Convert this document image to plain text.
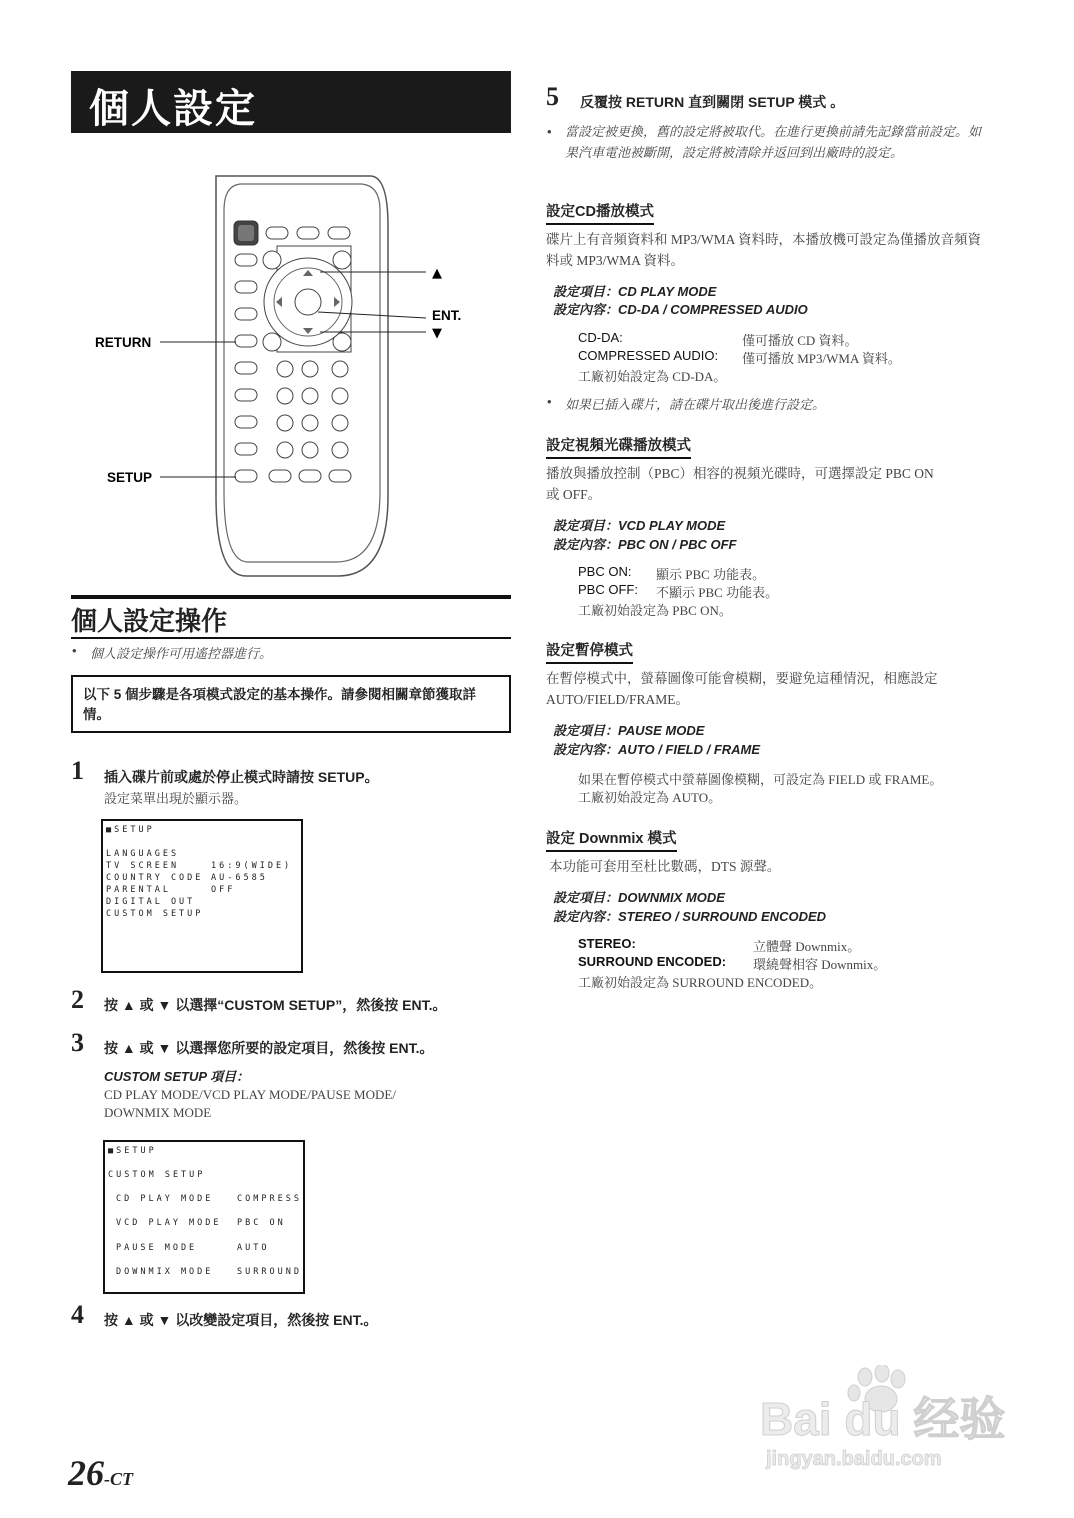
個人設定
RETURN
SETUP
▲
ENT.
▼
個人設定操作
• 個人設定操作可用遙控器進行。
以下 5 個步驟是各項模式設定的基本操作。請參閱相關章節獲取詳情。
1 插入碟片前或處於停止模式時請按 SETUP。
設定菜單出現於顯示器。
■SETUP
LANGUAGES
TV SCREEN	16:9(WIDE)
COUNTRY CODE AU-6585
PARENTAL	OFF
DIGITAL OUT
CUSTOM SETUP
2 按 ▲ 或 ▼ 以選擇“CUSTOM SETUP”，然後按 ENT.。
3 按 ▲ 或 ▼ 以選擇您所要的設定項目，然後按 ENT.。
CUSTOM SETUP 項目：
CD PLAY MODE/VCD PLAY MODE/PAUSE MODE/ DOWNMIX MODE
■SETUP
CUSTOM SETUP
CD PLAY MODE	COMPRESS
VCD PLAY MODE PBC ON
PAUSE MODE	AUTO
DOWNMIX MODE	SURROUND
4 按 ▲ 或 ▼ 以改變設定項目，然後按 ENT.。
26-CT
5 反覆按 RETURN 直到關閉 SETUP 模式 。
• 當設定被更換，舊的設定將被取代。在進行更換前請先記錄當前設定。如果汽車電池被斷開，設定將被清除并返回到出廠時的設定。
設定CD播放模式
碟片上有音頻資料和 MP3/WMA 資料時，本播放機可設定為僅播放音頻資料或 MP3/WMA 資料。
設定項目：CD PLAY MODE
設定內容：CD-DA / COMPRESSED AUDIO
CD-DA:	僅可播放 CD 資料。
COMPRESSED AUDIO: 僅可播放 MP3/WMA 資料。
工廠初始設定為 CD-DA。
• 如果已插入碟片，請在碟片取出後進行設定。
設定視頻光碟播放模式
播放與播放控制（PBC）相容的視頻光碟時，可選擇設定 PBC ON 或 OFF。
設定項目：VCD PLAY MODE
設定內容：PBC ON / PBC OFF
PBC ON: 顯示 PBC 功能表。
PBC OFF: 不顯示 PBC 功能表。
工廠初始設定為 PBC ON。
設定暫停模式
在暫停模式中，螢幕圖像可能會模糊，要避免這種情況，相應設定 AUTO/FIELD/FRAME。
設定項目：PAUSE MODE
設定內容：AUTO / FIELD / FRAME
如果在暫停模式中螢幕圖像模糊，可設定為 FIELD 或 FRAME。
工廠初始設定為 AUTO。
設定 Downmix 模式
本功能可套用至杜比數碼，DTS 源聲。
設定項目：DOWNMIX MODE
設定內容：STEREO / SURROUND ENCODED
STEREO:	立體聲 Downmix。
SURROUND ENCODED: 環繞聲相容 Downmix。
工廠初始設定為 SURROUND ENCODED。
Bai du 经验
jingyan.baidu.com
